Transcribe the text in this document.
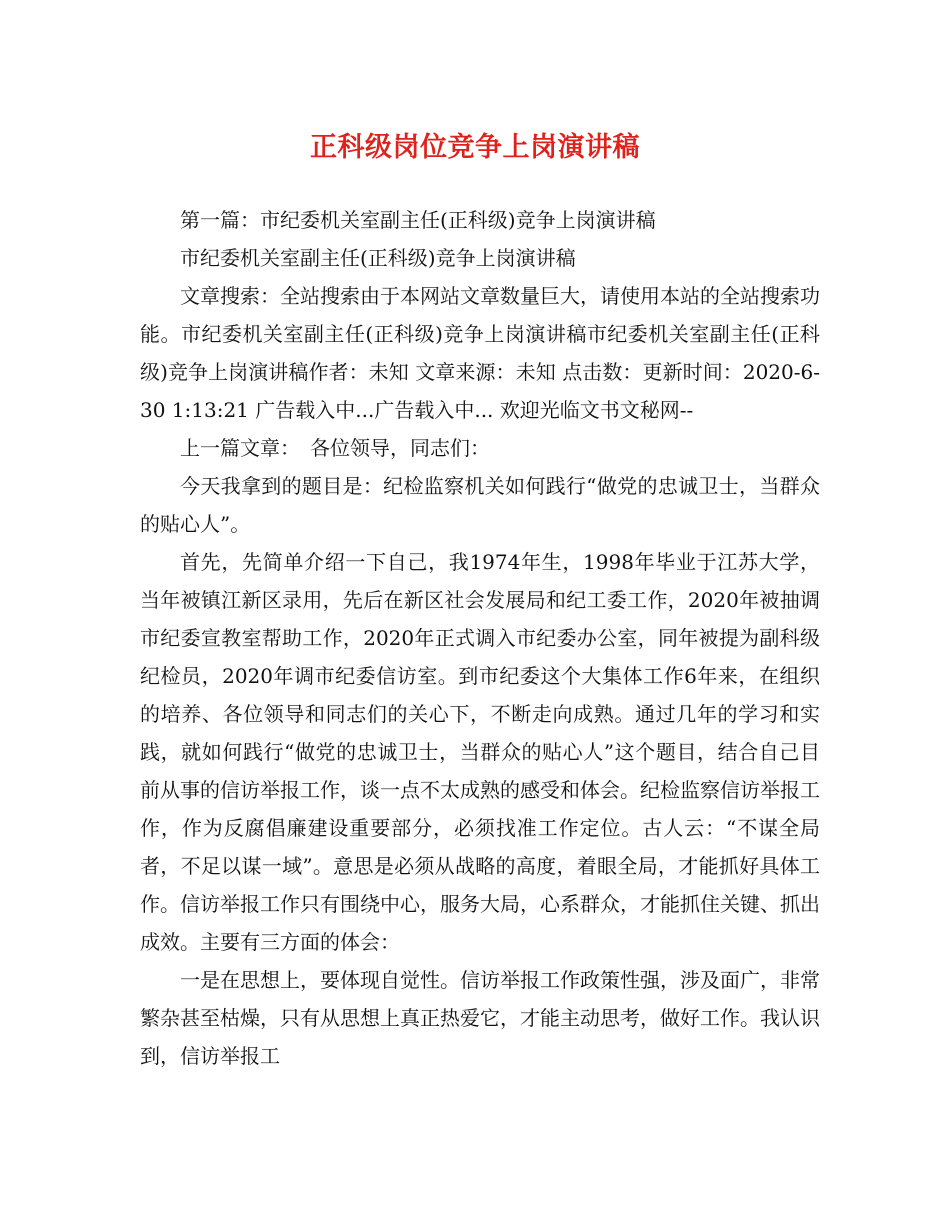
正科级岗位竞争上岗演讲稿

第一篇：市纪委机关室副主任(正科级)竞争上岗演讲稿

市纪委机关室副主任(正科级)竞争上岗演讲稿

文章搜索：全站搜索由于本网站文章数量巨大，请使用本站的全站搜索功能。市纪委机关室副主任(正科级)竞争上岗演讲稿市纪委机关室副主任(正科级)竞争上岗演讲稿作者：未知 文章来源：未知 点击数：更新时间：2020-6-30 1:13:21 广告载入中...广告载入中... 欢迎光临文书文秘网--

上一篇文章：　各位领导，同志们：

今天我拿到的题目是：纪检监察机关如何践行“做党的忠诚卫士，当群众的贴心人”。

首先，先简单介绍一下自己，我1974年生，1998年毕业于江苏大学，当年被镇江新区录用，先后在新区社会发展局和纪工委工作，2020年被抽调市纪委宣教室帮助工作，2020年正式调入市纪委办公室，同年被提为副科级纪检员，2020年调市纪委信访室。到市纪委这个大集体工作6年来，在组织的培养、各位领导和同志们的关心下，不断走向成熟。通过几年的学习和实践，就如何践行“做党的忠诚卫士，当群众的贴心人”这个题目，结合自己目前从事的信访举报工作，谈一点不太成熟的感受和体会。纪检监察信访举报工作，作为反腐倡廉建设重要部分，必须找准工作定位。古人云：“不谋全局者，不足以谋一域”。意思是必须从战略的高度，着眼全局，才能抓好具体工作。信访举报工作只有围绕中心，服务大局，心系群众，才能抓住关键、抓出成效。主要有三方面的体会：

一是在思想上，要体现自觉性。信访举报工作政策性强，涉及面广，非常繁杂甚至枯燥，只有从思想上真正热爱它，才能主动思考，做好工作。我认识到，信访举报工
